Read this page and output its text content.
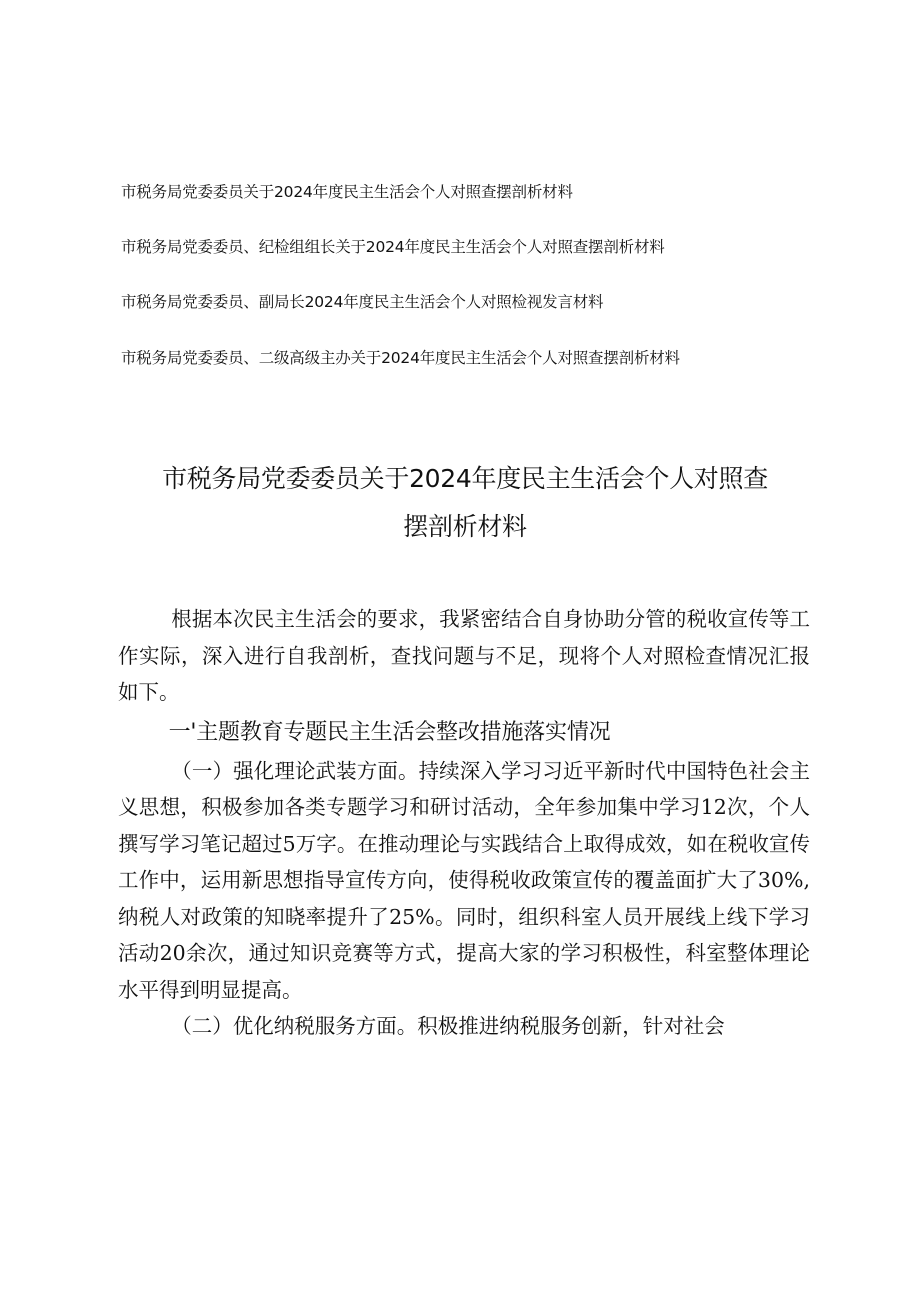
市税务局党委委员关于2024年度民主生活会个人对照查摆剖析材料
市税务局党委委员、纪检组组长关于2024年度民主生活会个人对照查摆剖析材料
市税务局党委委员、副局长2024年度民主生活会个人对照检视发言材料
市税务局党委委员、二级高级主办关于2024年度民主生活会个人对照查摆剖析材料
市税务局党委委员关于2024年度民主生活会个人对照查
摆剖析材料

根据本次民主生活会的要求，我紧密结合自身协助分管的税收宣传等工作实际，深入进行自我剖析，查找问题与不足，现将个人对照检查情况汇报如下。

一'主题教育专题民主生活会整改措施落实情况

（一）强化理论武装方面。持续深入学习习近平新时代中国特色社会主义思想，积极参加各类专题学习和研讨活动，全年参加集中学习12次，个人撰写学习笔记超过5万字。在推动理论与实践结合上取得成效，如在税收宣传工作中，运用新思想指导宣传方向，使得税收政策宣传的覆盖面扩大了30%,纳税人对政策的知晓率提升了25%。同时，组织科室人员开展线上线下学习活动20余次，通过知识竞赛等方式，提高大家的学习积极性，科室整体理论水平得到明显提高。

（二）优化纳税服务方面。积极推进纳税服务创新，针对社会
